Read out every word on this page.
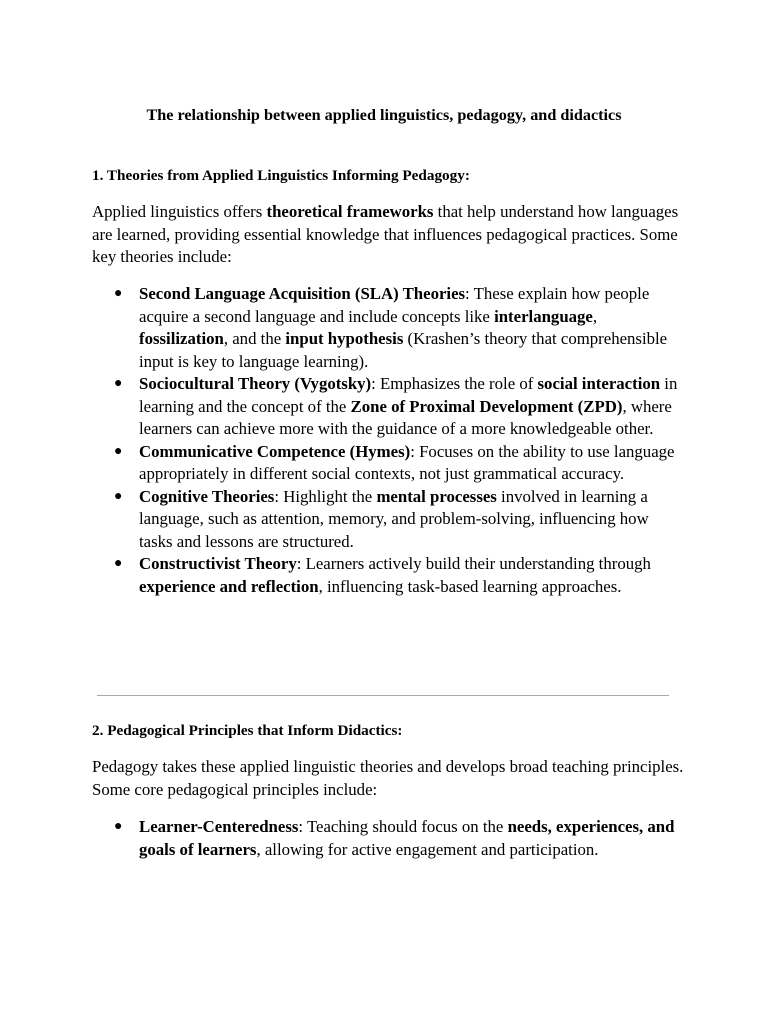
The relationship between applied linguistics, pedagogy, and didactics
1. Theories from Applied Linguistics Informing Pedagogy:

Applied linguistics offers theoretical frameworks that help understand how languages are learned, providing essential knowledge that influences pedagogical practices. Some key theories include:

● Second Language Acquisition (SLA) Theories: These explain how people acquire a second language and include concepts like interlanguage, fossilization, and the input hypothesis (Krashen’s theory that comprehensible input is key to language learning).
● Sociocultural Theory (Vygotsky): Emphasizes the role of social interaction in learning and the concept of the Zone of Proximal Development (ZPD), where learners can achieve more with the guidance of a more knowledgeable other.
● Communicative Competence (Hymes): Focuses on the ability to use language appropriately in different social contexts, not just grammatical accuracy.
● Cognitive Theories: Highlight the mental processes involved in learning a language, such as attention, memory, and problem-solving, influencing how tasks and lessons are structured.
● Constructivist Theory: Learners actively build their understanding through experience and reflection, influencing task-based learning approaches.
2. Pedagogical Principles that Inform Didactics:

Pedagogy takes these applied linguistic theories and develops broad teaching principles. Some core pedagogical principles include:

● Learner-Centeredness: Teaching should focus on the needs, experiences, and goals of learners, allowing for active engagement and participation.
